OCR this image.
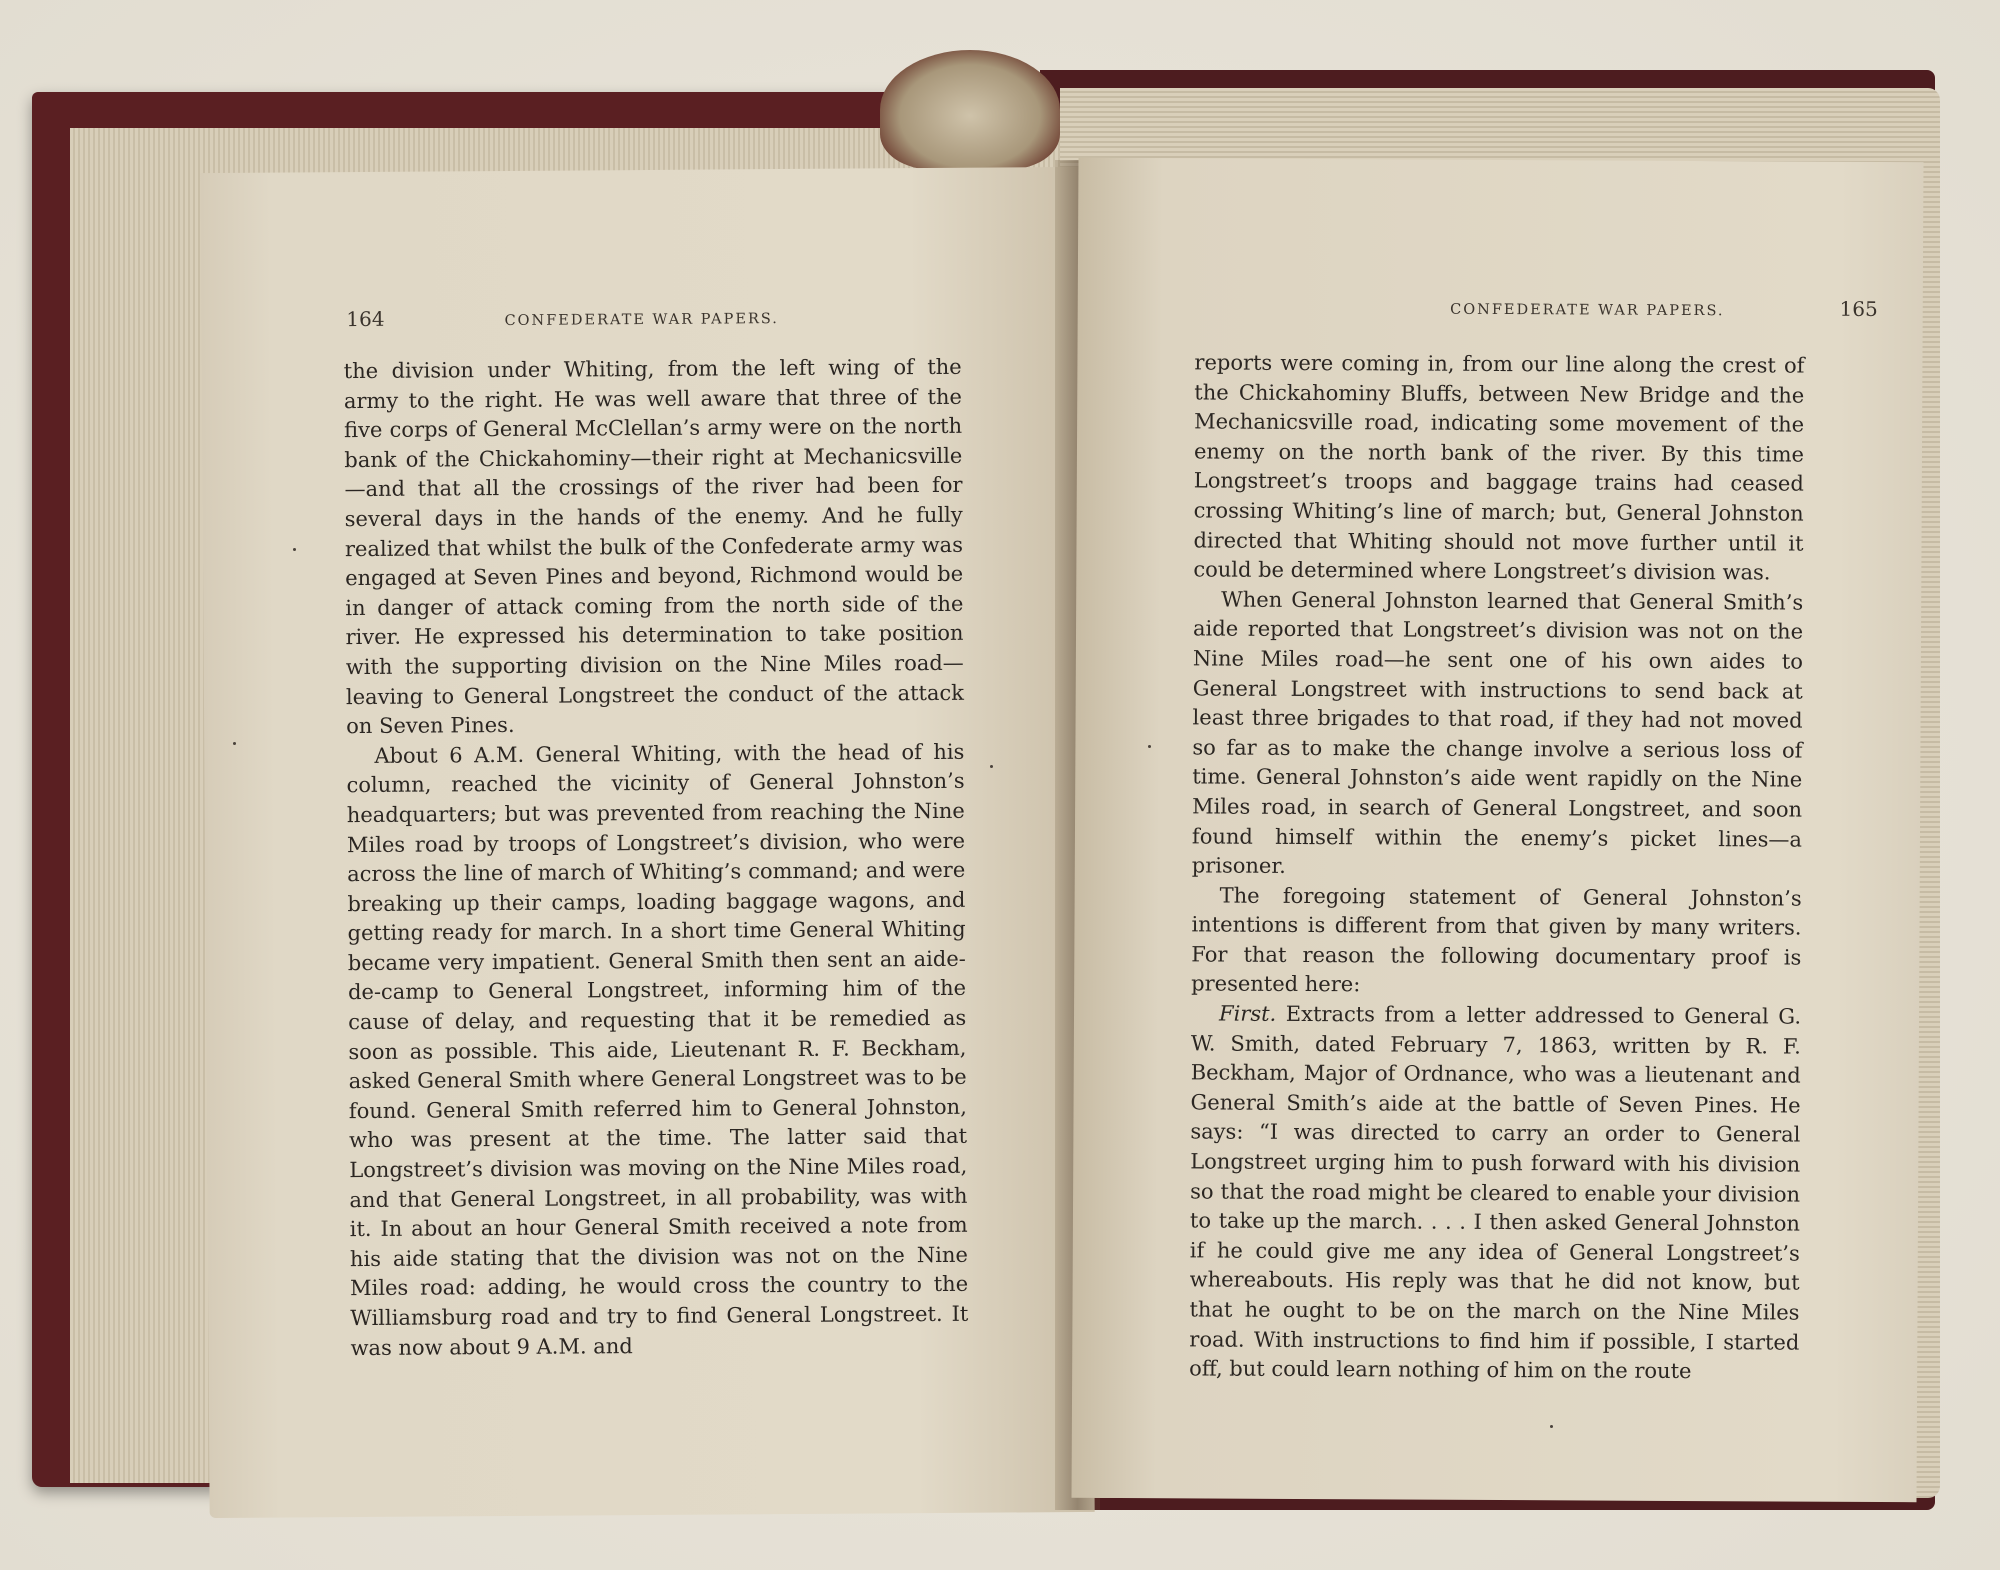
164	CONFEDERATE WAR PAPERS.

the division under Whiting, from the left wing of the army to the right. He was well aware that three of the five corps of General McClellan’s army were on the north bank of the Chickahominy—their right at Mechanicsville—and that all the crossings of the river had been for several days in the hands of the enemy. And he fully realized that whilst the bulk of the Confederate army was engaged at Seven Pines and beyond, Richmond would be in danger of attack coming from the north side of the river. He expressed his determination to take position with the supporting division on the Nine Miles road—leaving to General Longstreet the conduct of the attack on Seven Pines.

About 6 A.M. General Whiting, with the head of his column, reached the vicinity of General Johnston’s headquarters; but was prevented from reaching the Nine Miles road by troops of Longstreet’s division, who were across the line of march of Whiting’s command; and were breaking up their camps, loading baggage wagons, and getting ready for march. In a short time General Whiting became very impatient. General Smith then sent an aide-de-camp to General Longstreet, informing him of the cause of delay, and requesting that it be remedied as soon as possible. This aide, Lieutenant R. F. Beckham, asked General Smith where General Longstreet was to be found. General Smith referred him to General Johnston, who was present at the time. The latter said that Longstreet’s division was moving on the Nine Miles road, and that General Longstreet, in all probability, was with it. In about an hour General Smith received a note from his aide stating that the division was not on the Nine Miles road: adding, he would cross the country to the Williamsburg road and try to find General Longstreet. It was now about 9 A.M. and

CONFEDERATE WAR PAPERS.	165

reports were coming in, from our line along the crest of the Chickahominy Bluffs, between New Bridge and the Mechanicsville road, indicating some movement of the enemy on the north bank of the river. By this time Longstreet’s troops and baggage trains had ceased crossing Whiting’s line of march; but, General Johnston directed that Whiting should not move further until it could be determined where Longstreet’s division was.

When General Johnston learned that General Smith’s aide reported that Longstreet’s division was not on the Nine Miles road—he sent one of his own aides to General Longstreet with instructions to send back at least three brigades to that road, if they had not moved so far as to make the change involve a serious loss of time. General Johnston’s aide went rapidly on the Nine Miles road, in search of General Longstreet, and soon found himself within the enemy’s picket lines—a prisoner.

The foregoing statement of General Johnston’s intentions is different from that given by many writers. For that reason the following documentary proof is presented here:

First. Extracts from a letter addressed to General G. W. Smith, dated February 7, 1863, written by R. F. Beckham, Major of Ordnance, who was a lieutenant and General Smith’s aide at the battle of Seven Pines. He says: “I was directed to carry an order to General Longstreet urging him to push forward with his division so that the road might be cleared to enable your division to take up the march. . . . I then asked General Johnston if he could give me any idea of General Longstreet’s whereabouts. His reply was that he did not know, but that he ought to be on the march on the Nine Miles road. With instructions to find him if possible, I started off, but could learn nothing of him on the route
